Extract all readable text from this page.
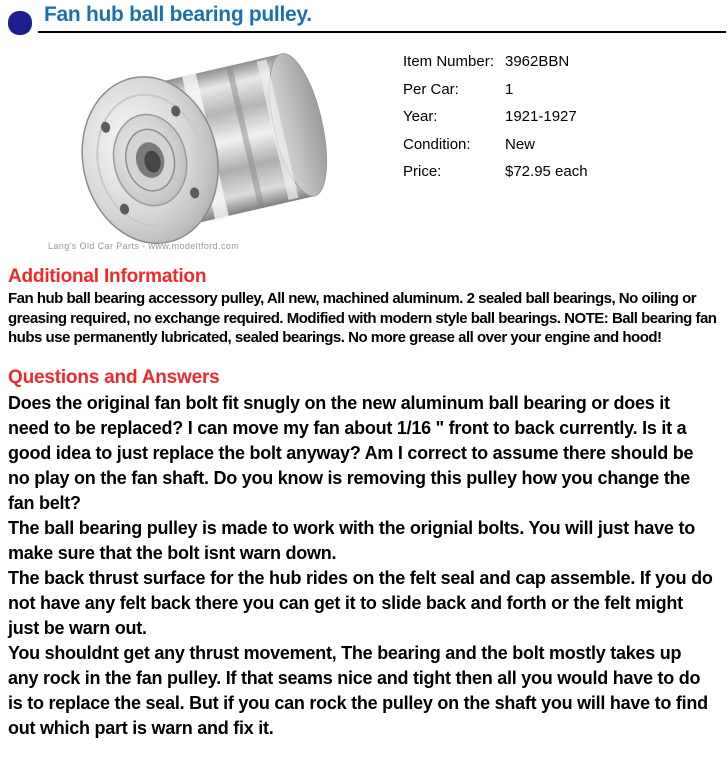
Fan hub ball bearing pulley.
Lang's Old Car Parts - www.modeltford.com
Item Number: 3962BBN
Per Car:	1
Year:	1921-1927
Condition:	New
Price:	$72.95 each
Additional Information

Fan hub ball bearing accessory pulley, All new, machined aluminum. 2 sealed ball bearings, No oiling or greasing required, no exchange required. Modified with modern style ball bearings. NOTE: Ball bearing fan hubs use permanently lubricated, sealed bearings. No more grease all over your engine and hood!

Questions and Answers

Does the original fan bolt fit snugly on the new aluminum ball bearing or does it need to be replaced? I can move my fan about 1/16 " front to back currently. Is it a good idea to just replace the bolt anyway? Am I correct to assume there should be no play on the fan shaft. Do you know is removing this pulley how you change the fan belt?

The ball bearing pulley is made to work with the orignial bolts. You will just have to make sure that the bolt isnt warn down.

The back thrust surface for the hub rides on the felt seal and cap assemble. If you do not have any felt back there you can get it to slide back and forth or the felt might just be warn out.

You shouldnt get any thrust movement, The bearing and the bolt mostly takes up any rock in the fan pulley. If that seams nice and tight then all you would have to do is to replace the seal. But if you can rock the pulley on the shaft you will have to find out which part is warn and fix it.
